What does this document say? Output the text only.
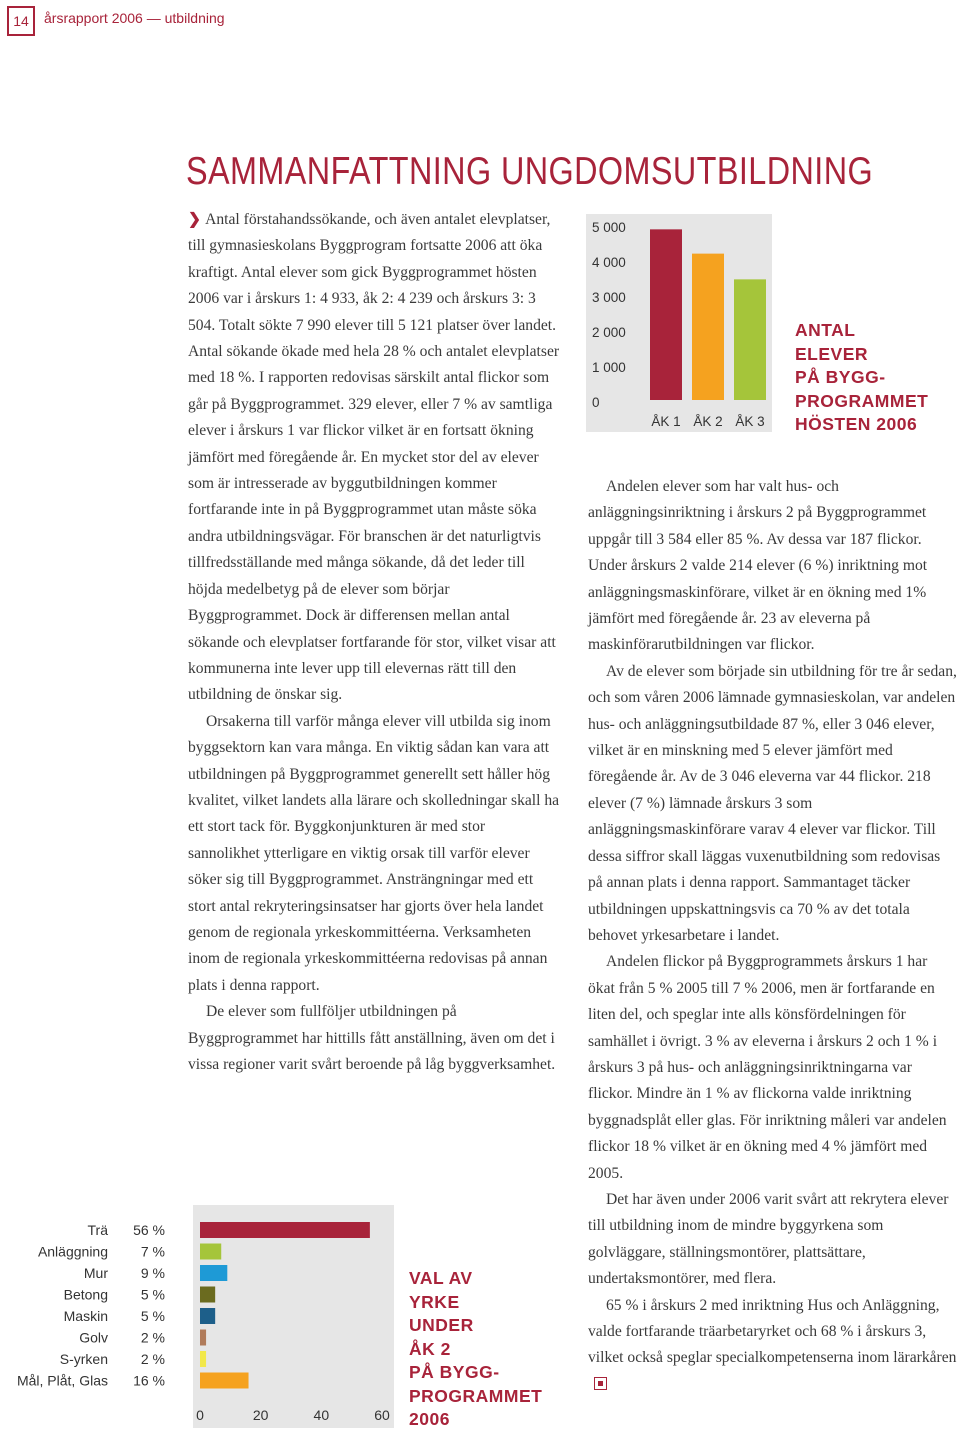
14	årsrapport 2006 — utbildning
SAMMANFATTNING UNGDOMSUTBILDNING

❯ Antal förstahandssökande, och även antalet elevplatser, till gymnasieskolans Byggprogram fortsatte 2006 att öka kraftigt. Antal elever som gick Byggprogrammet hösten 2006 var i årskurs 1: 4 933, åk 2: 4 239 och årskurs 3: 3 504. Totalt sökte 7 990 elever till 5 121 platser över landet. Antal sökande ökade med hela 28 % och antalet elevplatser med 18 %. I rapporten redovisas särskilt antal flickor som går på Byggprogrammet. 329 elever, eller 7 % av samtliga elever i årskurs 1 var flickor vilket är en fortsatt ökning jämfört med föregående år. En mycket stor del av elever som är intresserade av byggutbildningen kommer fortfarande inte in på Byggprogrammet utan måste söka andra utbildningsvägar. För branschen är det naturligtvis tillfredsställande med många sökande, då det leder till höjda medelbetyg på de elever som börjar Byggprogrammet. Dock är differensen mellan antal sökande och elevplatser fortfarande för stor, vilket visar att kommunerna inte lever upp till elevernas rätt till den utbildning de önskar sig.

Orsakerna till varför många elever vill utbilda sig inom byggsektorn kan vara många. En viktig sådan kan vara att utbildningen på Byggprogrammet generellt sett håller hög kvalitet, vilket landets alla lärare och skolledningar skall ha ett stort tack för. Byggkonjunkturen är med stor sannolikhet ytterligare en viktig orsak till varför elever söker sig till Byggprogrammet. Ansträngningar med ett stort antal rekryteringsinsatser har gjorts över hela landet genom de regionala yrkeskommittéerna. Verksamheten inom de regionala yrkeskommittéerna redovisas på annan plats i denna rapport.

De elever som fullföljer utbildningen på Byggprogrammet har hittills fått anställning, även om det i vissa regioner varit svårt beroende på låg byggverksamhet.

Andelen elever som har valt hus- och anläggningsinriktning i årskurs 2 på Byggprogrammet uppgår till 3 584 eller 85 %. Av dessa var 187 flickor. Under årskurs 2 valde 214 elever (6 %) inriktning mot anläggningsmaskinförare, vilket är en ökning med 1% jämfört med föregående år. 23 av eleverna på maskinförarutbildningen var flickor.

Av de elever som började sin utbildning för tre år sedan, och som våren 2006 lämnade gymnasieskolan, var andelen hus- och anläggningsutbildade 87 %, eller 3 046 elever, vilket är en minskning med 5 elever jämfört med föregående år. Av de 3 046 eleverna var 44 flickor. 218 elever (7 %) lämnade årskurs 3 som anläggningsmaskinförare varav 4 elever var flickor. Till dessa siffror skall läggas vuxenutbildning som redovisas på annan plats i denna rapport. Sammantaget täcker utbildningen uppskattningsvis ca 70 % av det totala behovet yrkesarbetare i landet.

Andelen flickor på Byggprogrammets årskurs 1 har ökat från 5 % 2005 till 7 % 2006, men är fortfarande en liten del, och speglar inte alls könsfördelningen för samhället i övrigt. 3 % av eleverna i årskurs 2 och 1 % i årskurs 3 på hus- och anläggningsinriktningarna var flickor. Mindre än 1 % av flickorna valde inriktning byggnadsplåt eller glas. För inriktning måleri var andelen flickor 18 % vilket är en ökning med 4 % jämfört med 2005.

Det har även under 2006 varit svårt att rekrytera elever till utbildning inom de mindre byggyrkena som golvläggare, ställningsmontörer, plattsättare, undertaksmontörer, med flera.

65 % i årskurs 2 med inriktning Hus och Anläggning, valde fortfarande träarbetaryrket och 68 % i årskurs 3, vilket också speglar specialkompetenserna inom lärarkåren

5 000
4 000
3 000
2 000
1 000
0
ÅK 1 ÅK 2 ÅK 3
ANTAL
ELEVER
PÅ BYGG-
PROGRAMMET
HÖSTEN 2006
Trä 56 %
Anläggning 7 %
Mur 9 %
Betong 5 %
Maskin 5 %
Golv 2 %
S-yrken 2 %
Mål, Plåt, Glas 16 %
0	20	40	60
VAL AV
YRKE
UNDER
ÅK 2
PÅ BYGG-
PROGRAMMET
2006
